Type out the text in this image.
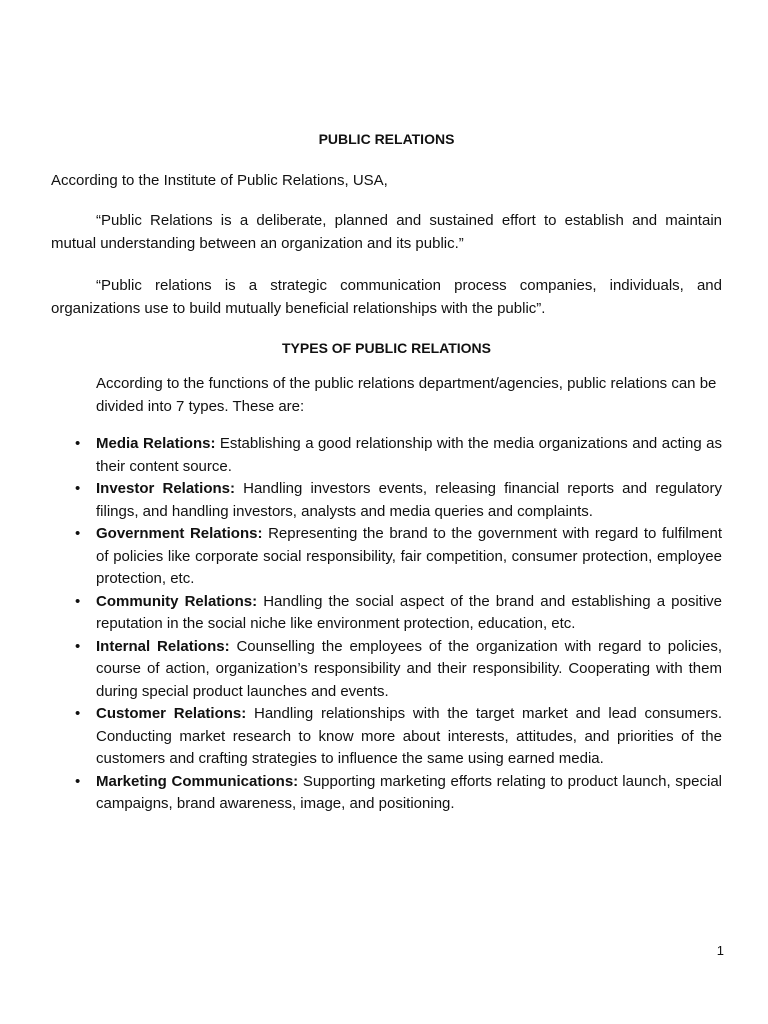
PUBLIC RELATIONS

According to the Institute of Public Relations, USA,

“Public Relations is a deliberate, planned and sustained effort to establish and maintain mutual understanding between an organization and its public.”

“Public relations is a strategic communication process companies, individuals, and organizations use to build mutually beneficial relationships with the public”.

TYPES OF PUBLIC RELATIONS

According to the functions of the public relations department/agencies, public relations can be divided into 7 types. These are:

• Media Relations: Establishing a good relationship with the media organizations and acting as their content source.
• Investor Relations: Handling investors events, releasing financial reports and regulatory filings, and handling investors, analysts and media queries and complaints.
• Government Relations: Representing the brand to the government with regard to fulfilment of policies like corporate social responsibility, fair competition, consumer protection, employee protection, etc.
• Community Relations: Handling the social aspect of the brand and establishing a positive reputation in the social niche like environment protection, education, etc.
• Internal Relations: Counselling the employees of the organization with regard to policies, course of action, organization’s responsibility and their responsibility. Cooperating with them during special product launches and events.
• Customer Relations: Handling relationships with the target market and lead consumers. Conducting market research to know more about interests, attitudes, and priorities of the customers and crafting strategies to influence the same using earned media.
• Marketing Communications: Supporting marketing efforts relating to product launch, special campaigns, brand awareness, image, and positioning.
1
